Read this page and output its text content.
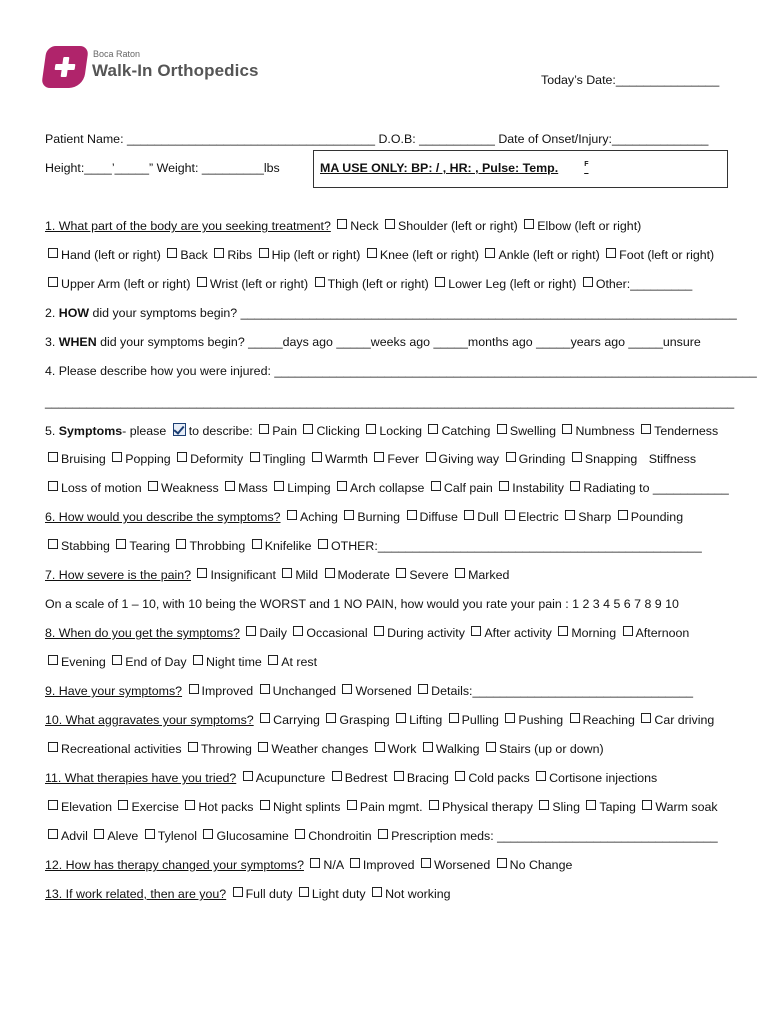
Boca Raton
Walk-In Orthopedics	Today’s Date:_______________
Patient Name: ____________________________________ D.O.B: ___________ Date of Onset/Injury:______________
Height:____’_____” Weight: _________lbs	MA USE ONLY: BP: / , HR: , Pulse: Temp.	$^F$
1. What part of the body are you seeking treatment? Neck Shoulder (left or right) Elbow (left or right)
Hand (left or right) Back Ribs Hip (left or right) Knee (left or right) Ankle (left or right) Foot (left or right)
Upper Arm (left or right) Wrist (left or right) Thigh (left or right) Lower Leg (left or right) Other:_________
2. HOW did your symptoms begin? ________________________________________________________________________
3. WHEN did your symptoms begin? _____days ago _____weeks ago _____months ago _____years ago _____unsure
4. Please describe how you were injured: ______________________________________________________________________
____________________________________________________________________________________________________
5. Symptoms- please to describe: Pain Clicking Locking Catching Swelling Numbness Tenderness
Bruising Popping Deformity Tingling Warmth Fever Giving way Grinding Snapping Stiffness
Loss of motion Weakness Mass Limping Arch collapse Calf pain Instability Radiating to ___________
6. How would you describe the symptoms? Aching Burning Diffuse Dull Electric Sharp Pounding
Stabbing Tearing Throbbing Knifelike OTHER:_______________________________________________
7. How severe is the pain? Insignificant Mild Moderate Severe Marked
On a scale of 1 – 10, with 10 being the WORST and 1 NO PAIN, how would you rate your pain : 1 2 3 4 5 6 7 8 9 10
8. When do you get the symptoms? Daily Occasional During activity After activity Morning Afternoon
Evening End of Day Night time At rest
9. Have your symptoms? Improved Unchanged Worsened Details:________________________________
10. What aggravates your symptoms? Carrying Grasping Lifting Pulling Pushing Reaching Car driving
Recreational activities Throwing Weather changes Work Walking Stairs (up or down)
11. What therapies have you tried? Acupuncture Bedrest Bracing Cold packs Cortisone injections
Elevation Exercise Hot packs Night splints Pain mgmt. Physical therapy Sling Taping Warm soak
Advil Aleve Tylenol Glucosamine Chondroitin Prescription meds: ________________________________
12. How has therapy changed your symptoms? N/A Improved Worsened No Change
13. If work related, then are you? Full duty Light duty Not working
